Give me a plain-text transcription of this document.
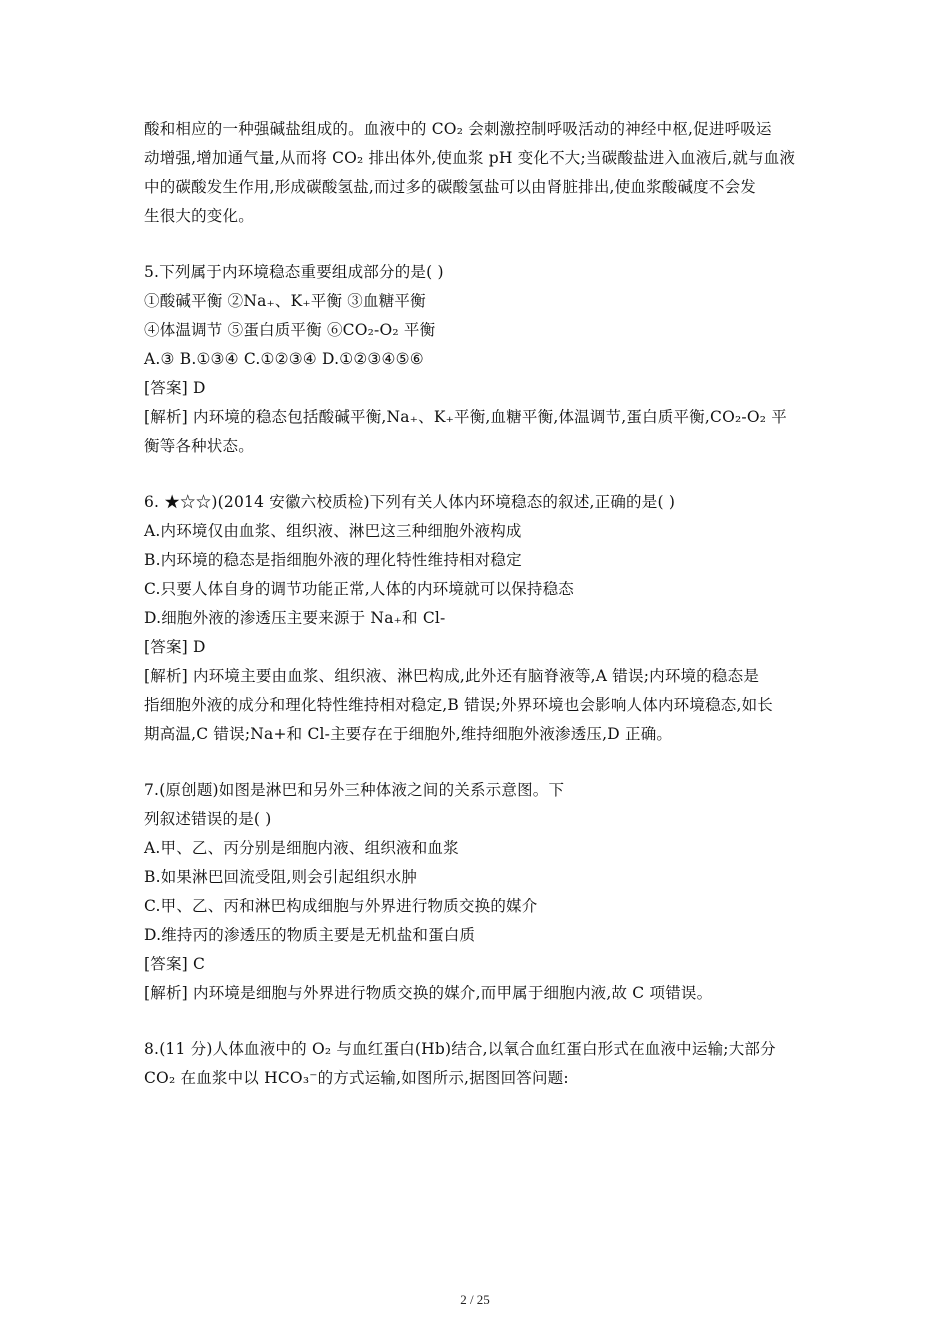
酸和相应的一种强碱盐组成的。血液中的 CO₂ 会刺激控制呼吸活动的神经中枢,促进呼吸运
动增强,增加通气量,从而将 CO₂ 排出体外,使血浆 pH 变化不大;当碳酸盐进入血液后,就与血液
中的碳酸发生作用,形成碳酸氢盐,而过多的碳酸氢盐可以由肾脏排出,使血浆酸碱度不会发
生很大的变化。
5.下列属于内环境稳态重要组成部分的是( )
①酸碱平衡 ②Na₊、K₊平衡 ③血糖平衡
④体温调节 ⑤蛋白质平衡 ⑥CO₂-O₂ 平衡
A.③ B.①③④ C.①②③④ D.①②③④⑤⑥
[答案] D
[解析] 内环境的稳态包括酸碱平衡,Na₊、K₊平衡,血糖平衡,体温调节,蛋白质平衡,CO₂-O₂ 平
衡等各种状态。
6. ★☆☆)(2014 安徽六校质检)下列有关人体内环境稳态的叙述,正确的是( )
A.内环境仅由血浆、组织液、淋巴这三种细胞外液构成
B.内环境的稳态是指细胞外液的理化特性维持相对稳定
C.只要人体自身的调节功能正常,人体的内环境就可以保持稳态
D.细胞外液的渗透压主要来源于 Na₊和 Cl-
[答案] D
[解析] 内环境主要由血浆、组织液、淋巴构成,此外还有脑脊液等,A 错误;内环境的稳态是
指细胞外液的成分和理化特性维持相对稳定,B 错误;外界环境也会影响人体内环境稳态,如长
期高温,C 错误;Na+和 Cl-主要存在于细胞外,维持细胞外液渗透压,D 正确。
7.(原创题)如图是淋巴和另外三种体液之间的关系示意图。下
列叙述错误的是( )
A.甲、乙、丙分别是细胞内液、组织液和血浆
B.如果淋巴回流受阻,则会引起组织水肿
C.甲、乙、丙和淋巴构成细胞与外界进行物质交换的媒介
D.维持丙的渗透压的物质主要是无机盐和蛋白质
[答案] C
[解析] 内环境是细胞与外界进行物质交换的媒介,而甲属于细胞内液,故 C 项错误。
8.(11 分)人体血液中的 O₂ 与血红蛋白(Hb)结合,以氧合血红蛋白形式在血液中运输;大部分
CO₂ 在血浆中以 HCO₃⁻的方式运输,如图所示,据图回答问题:
2 / 25
